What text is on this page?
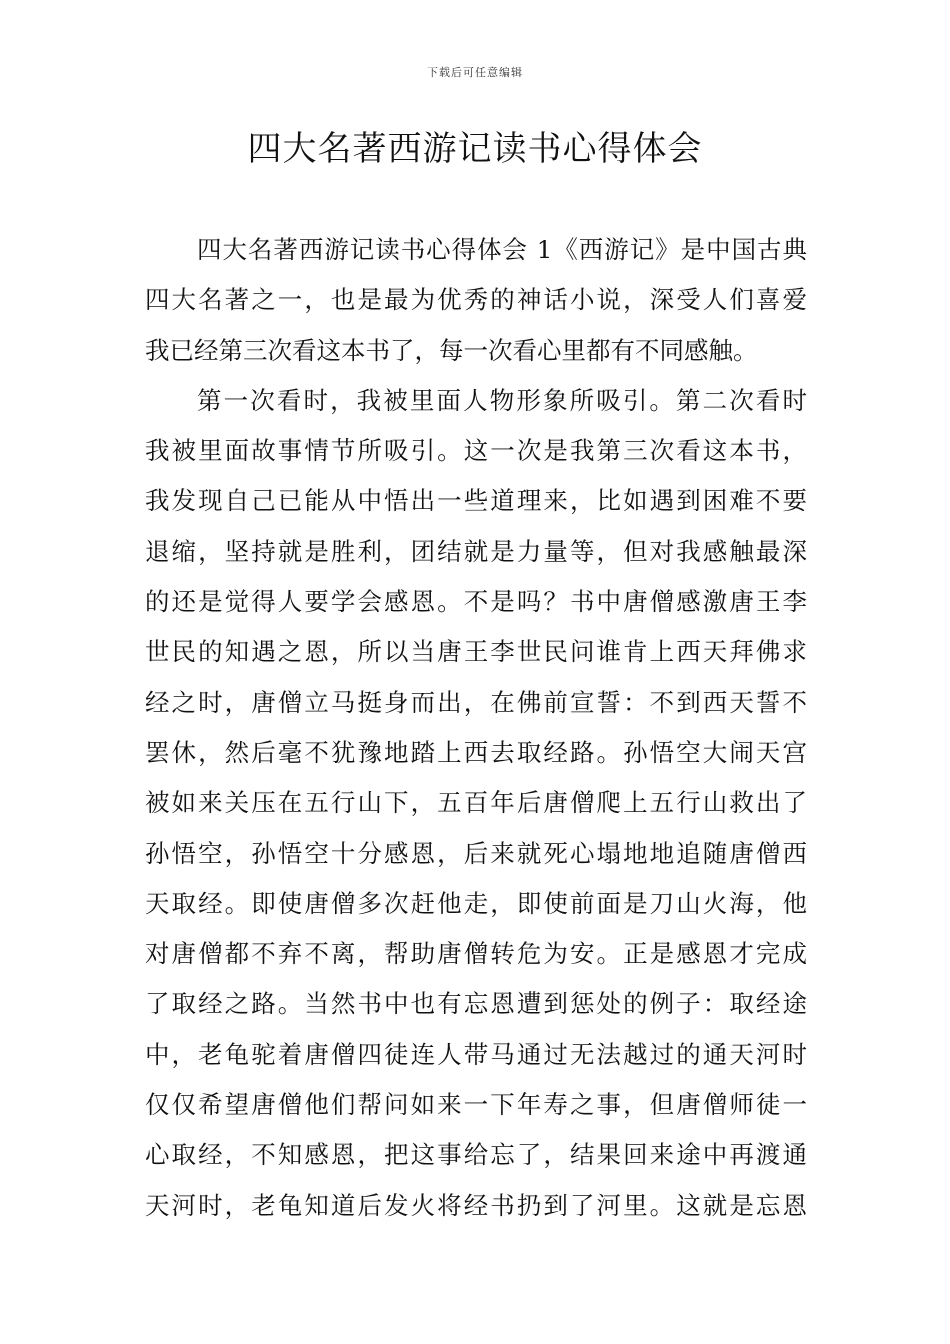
下载后可任意编辑
四大名著西游记读书心得体会
四大名著西游记读书心得体会 1《西游记》是中国古典
四大名著之一，也是最为优秀的神话小说，深受人们喜爱
我已经第三次看这本书了，每一次看心里都有不同感触。
第一次看时，我被里面人物形象所吸引。第二次看时
我被里面故事情节所吸引。这一次是我第三次看这本书，
我发现自己已能从中悟出一些道理来，比如遇到困难不要
退缩，坚持就是胜利，团结就是力量等，但对我感触最深
的还是觉得人要学会感恩。不是吗？书中唐僧感激唐王李
世民的知遇之恩，所以当唐王李世民问谁肯上西天拜佛求
经之时，唐僧立马挺身而出，在佛前宣誓：不到西天誓不
罢休，然后毫不犹豫地踏上西去取经路。孙悟空大闹天宫
被如来关压在五行山下，五百年后唐僧爬上五行山救出了
孙悟空，孙悟空十分感恩，后来就死心塌地地追随唐僧西
天取经。即使唐僧多次赶他走，即使前面是刀山火海，他
对唐僧都不弃不离，帮助唐僧转危为安。正是感恩才完成
了取经之路。当然书中也有忘恩遭到惩处的例子：取经途
中，老龟驼着唐僧四徒连人带马通过无法越过的通天河时
仅仅希望唐僧他们帮问如来一下年寿之事，但唐僧师徒一
心取经，不知感恩，把这事给忘了，结果回来途中再渡通
天河时，老龟知道后发火将经书扔到了河里。这就是忘恩
